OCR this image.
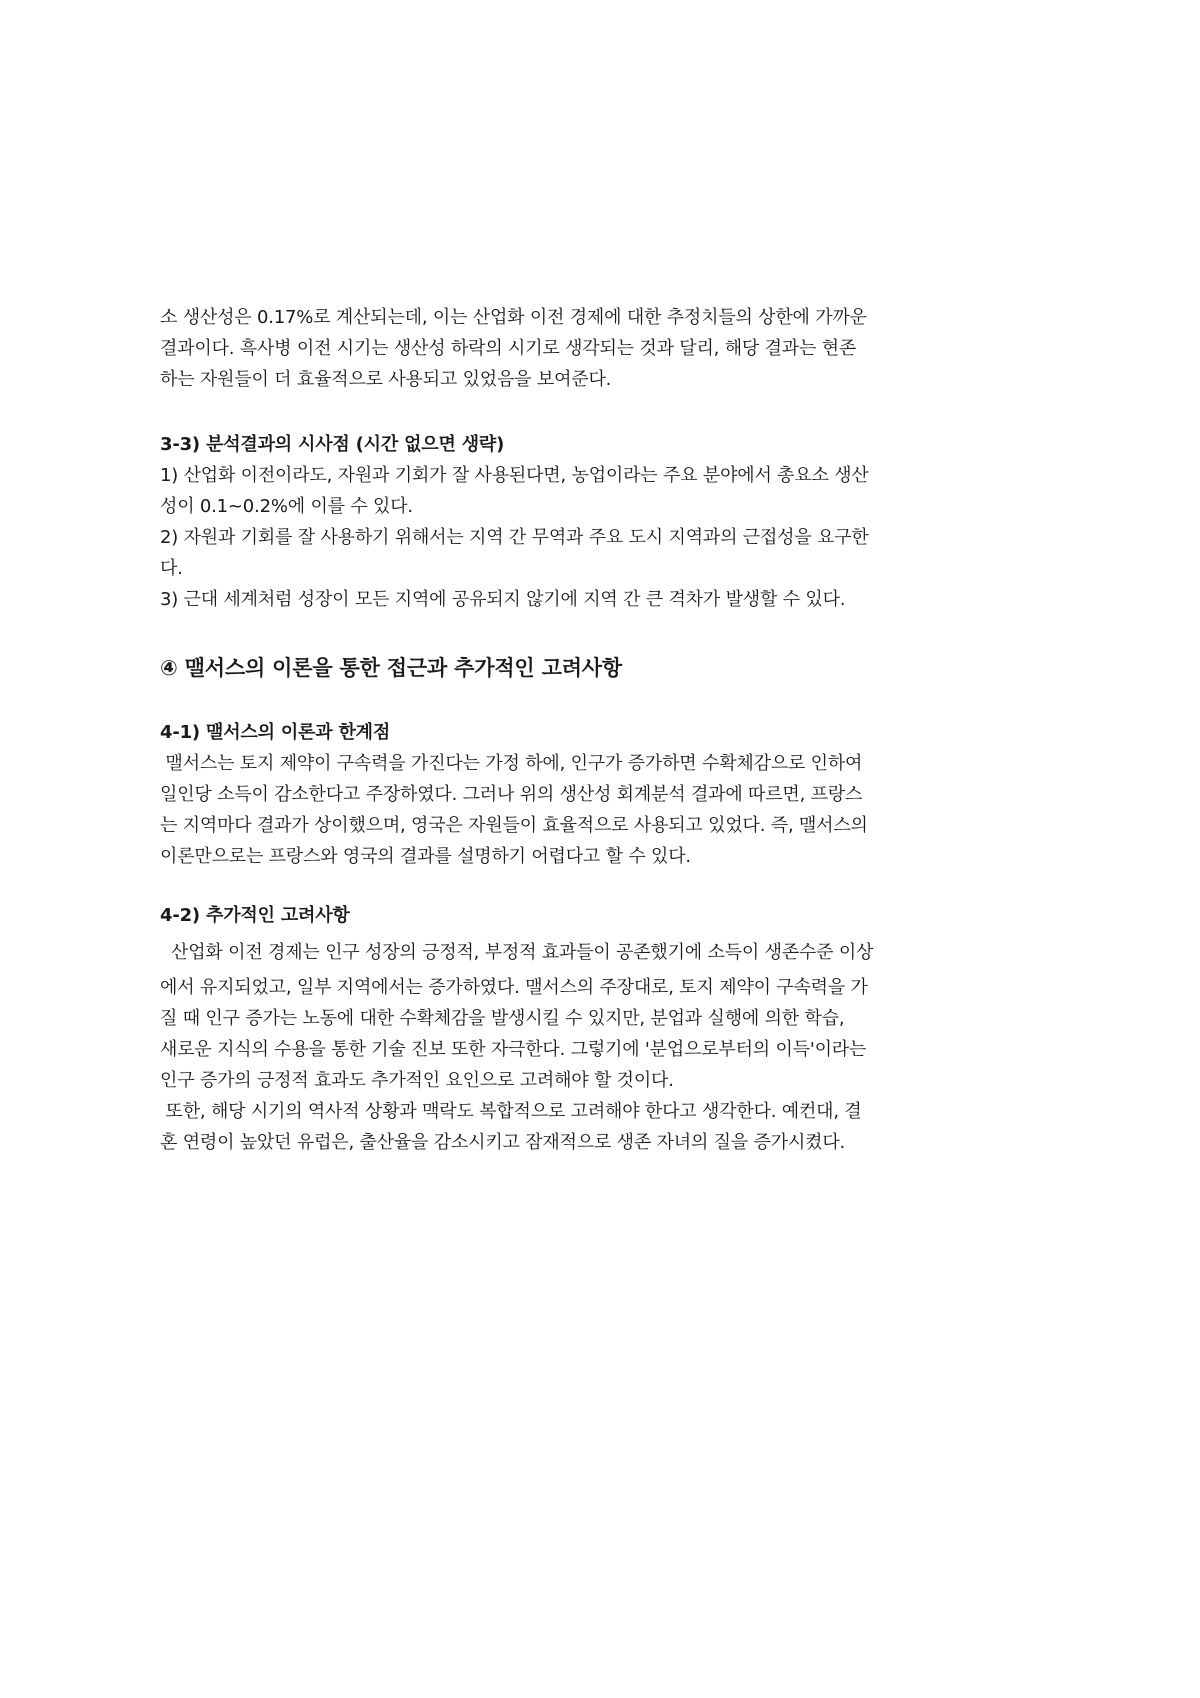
소 생산성은 0.17%로 계산되는데, 이는 산업화 이전 경제에 대한 추정치들의 상한에 가까운
결과이다. 흑사병 이전 시기는 생산성 하락의 시기로 생각되는 것과 달리, 해당 결과는 현존
하는 자원들이 더 효율적으로 사용되고 있었음을 보여준다.

3-3) 분석결과의 시사점 (시간 없으면 생략)

1) 산업화 이전이라도, 자원과 기회가 잘 사용된다면, 농업이라는 주요 분야에서 총요소 생산
성이 0.1~0.2%에 이를 수 있다.
2) 자원과 기회를 잘 사용하기 위해서는 지역 간 무역과 주요 도시 지역과의 근접성을 요구한
다.
3) 근대 세계처럼 성장이 모든 지역에 공유되지 않기에 지역 간 큰 격차가 발생할 수 있다.

④ 맬서스의 이론을 통한 접근과 추가적인 고려사항

4-1) 맬서스의 이론과 한계점

맬서스는 토지 제약이 구속력을 가진다는 가정 하에, 인구가 증가하면 수확체감으로 인하여
일인당 소득이 감소한다고 주장하였다. 그러나 위의 생산성 회계분석 결과에 따르면, 프랑스
는 지역마다 결과가 상이했으며, 영국은 자원들이 효율적으로 사용되고 있었다. 즉, 맬서스의
이론만으로는 프랑스와 영국의 결과를 설명하기 어렵다고 할 수 있다.

4-2) 추가적인 고려사항

산업화 이전 경제는 인구 성장의 긍정적, 부정적 효과들이 공존했기에 소득이 생존수준 이상
에서 유지되었고, 일부 지역에서는 증가하였다. 맬서스의 주장대로, 토지 제약이 구속력을 가
질 때 인구 증가는 노동에 대한 수확체감을 발생시킬 수 있지만, 분업과 실행에 의한 학습,
새로운 지식의 수용을 통한 기술 진보 또한 자극한다. 그렇기에 '분업으로부터의 이득'이라는
인구 증가의 긍정적 효과도 추가적인 요인으로 고려해야 할 것이다.
또한, 해당 시기의 역사적 상황과 맥락도 복합적으로 고려해야 한다고 생각한다. 예컨대, 결
혼 연령이 높았던 유럽은, 출산율을 감소시키고 잠재적으로 생존 자녀의 질을 증가시켰다.
